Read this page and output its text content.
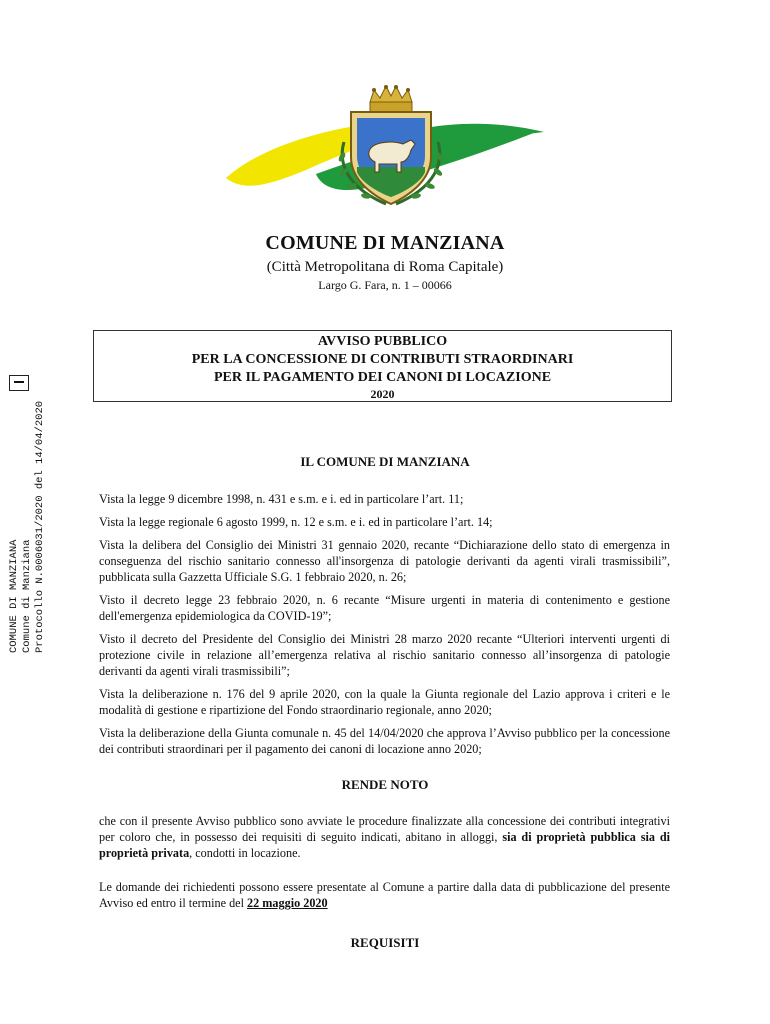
COMUNE DI MANZIANA
(Città Metropolitana di Roma Capitale)
Largo G. Fara, n. 1 – 00066
COMUNE DI MANZIANA Comune di Manziana Protocollo N.0006031/2020 del 14/04/2020
AVVISO PUBBLICO
PER LA CONCESSIONE DI CONTRIBUTI STRAORDINARI
PER IL PAGAMENTO DEI CANONI DI LOCAZIONE
2020
IL COMUNE DI MANZIANA

Vista la legge 9 dicembre 1998, n. 431 e s.m. e i. ed in particolare l’art. 11;

Vista la legge regionale 6 agosto 1999, n. 12 e s.m. e i. ed in particolare l’art. 14;

Vista la delibera del Consiglio dei Ministri 31 gennaio 2020, recante “Dichiarazione dello stato di emergenza in conseguenza del rischio sanitario connesso all'insorgenza di patologie derivanti da agenti virali trasmissibili”, pubblicata sulla Gazzetta Ufficiale S.G. 1 febbraio 2020, n. 26;

Visto il decreto legge 23 febbraio 2020, n. 6 recante “Misure urgenti in materia di contenimento e gestione dell'emergenza epidemiologica da COVID-19”;

Visto il decreto del Presidente del Consiglio dei Ministri 28 marzo 2020 recante “Ulteriori interventi urgenti di protezione civile in relazione all’emergenza relativa al rischio sanitario connesso all’insorgenza di patologie derivanti da agenti virali trasmissibili”;

Vista la deliberazione n. 176 del 9 aprile 2020, con la quale la Giunta regionale del Lazio approva i criteri e le modalità di gestione e ripartizione del Fondo straordinario regionale, anno 2020;

Vista la deliberazione della Giunta comunale n. 45 del 14/04/2020 che approva l’Avviso pubblico per la concessione dei contributi straordinari per il pagamento dei canoni di locazione anno 2020;

RENDE NOTO

che con il presente Avviso pubblico sono avviate le procedure finalizzate alla concessione dei contributi integrativi per coloro che, in possesso dei requisiti di seguito indicati, abitano in alloggi, sia di proprietà pubblica sia di proprietà privata, condotti in locazione.

Le domande dei richiedenti possono essere presentate al Comune a partire dalla data di pubblicazione del presente Avviso ed entro il termine del 22 maggio 2020

REQUISITI
